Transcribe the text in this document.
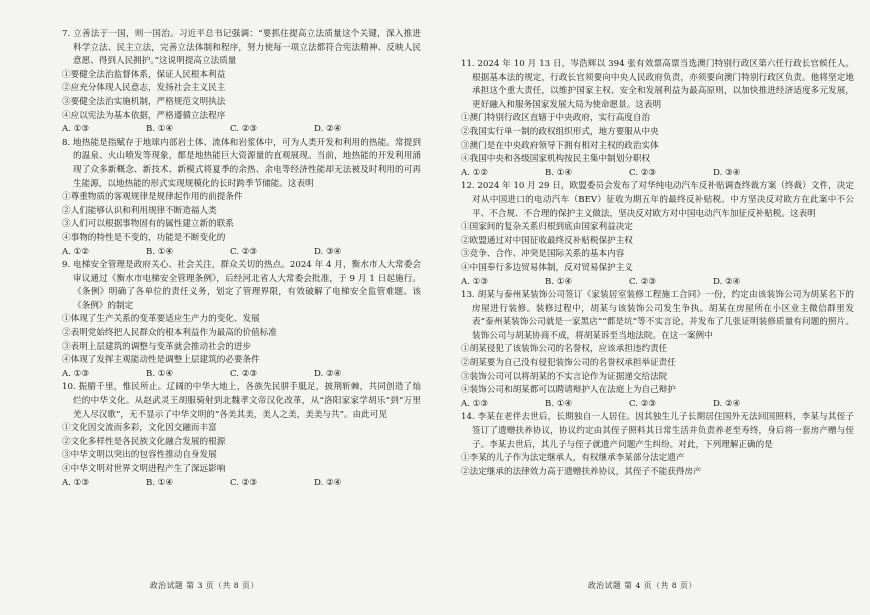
7. 立善法于一国，则一国治。习近平总书记强调：“要抓住提高立法质量这个关键，深入推进科学立法、民主立法，完善立法体制和程序，努力使每一项立法都符合宪法精神、反映人民意愿、得到人民拥护。”这说明提高立法质量

①要健全法治监督体系，保证人民根本利益

②应充分体现人民意志，发扬社会主义民主

③要健全法治实施机制，严格规范文明执法

④应以宪法为基本依据，严格遵循立法程序

A. ①③	B. ①④	C. ②③	D. ②④

8. 地热能是指赋存于地球内部岩土体、流体和岩浆体中，可为人类开发和利用的热能。常提到的温泉、火山喷发等现象，都是地热能巨大资源量的直观展现。当前，地热能的开发利用涌现了众多新概念、新技术、新模式将夏季的余热、余电等经济性能却无法被及时利用的可再生能源，以地热能的形式实现规模化的长时跨季节储能。这表明

①尊重物质的客观规律是规律起作用的前提条件

②人们能够认识和利用规律不断造福人类

③人们可以根据事物固有的属性建立新的联系

④事物的特性是不变的，功能是不断变化的

A. ①②	B. ①④	C. ②③	D. ③④

9. 电梯安全管理是政府关心、社会关注，群众关切的热点。2024 年 4 月，衡水市人大常委会审议通过《衡水市电梯安全管理条例》，后经河北省人大常委会批准，于 9 月 1 日起施行。《条例》明确了各单位的责任义务，划定了管理界限，有效破解了电梯安全监管难题。该《条例》的制定

①体现了生产关系的变革要适应生产力的变化、发展

②表明党始终把人民群众的根本利益作为最高的价值标准

③表明上层建筑的调整与变革就会推动社会的进步

④体现了发挥主观能动性是调整上层建筑的必要条件

A. ①③	B. ①④	C. ②③	D. ②④

10. 振腊千里，惟民所止。辽阔的中华大地上，各族先民胼手胝足，披荆斩棘，共同创造了灿烂的中华文化。从赵武灵王胡服骑射到北魏孝文帝汉化改革，从“洛阳家家学胡乐”到“万里羌人尽汉歌”，无不显示了中华文明的“各美其美，美人之美，美美与共”。由此可见

①文化因交流而多彩，文化因交融而丰富

②文化多样性是各民族文化融合发展的根源

③中华文明以突出的包容性推动自身发展

④中华文明对世界文明进程产生了深远影响

A. ①③	B. ①④	C. ②③	D. ②④

11. 2024 年 10 月 13 日，岑浩辉以 394 张有效票高票当选澳门特别行政区第六任行政长官候任人。根据基本法的规定，行政长官须要向中央人民政府负责，亦须要向澳门特别行政区负责。他将坚定地承担这个重大责任，以维护国家主权、安全和发展利益为最高原则，以加快推进经济适度多元发展，更好融入和服务国家发展大局为使命愿景。这表明

①澳门特别行政区直辖于中央政府，实行高度自治

②我国实行单一制的政权组织形式，地方要服从中央

③澳门是在中央政府领导下拥有相对主权的政治实体

④我国中央和各级国家机构按民主集中制划分职权

A. ①②	B. ①④	C. ②③	D. ③④

12. 2024 年 10 月 29 日，欧盟委员会发布了对华纯电动汽车反补贴调查终裁方案（终裁）文件，决定对从中国进口的电动汽车（BEV）征收为期五年的最终反补贴税。中方坚决反对欧方在此案中不公平、不合规、不合理的保护主义做法，坚决反对欧方对中国电动汽车加征反补贴税。这表明

①国家间的复杂关系归根到底由国家利益决定

②欧盟通过对中国征收最终反补贴税保护主权

③竞争、合作、冲突是国际关系的基本内容

④中国奉行多边贸易体制，反对贸易保护主义

A. ①③	B. ①④	C. ②③	D. ②④

13. 胡某与泰州某装饰公司签订《家装居室装修工程施工合同》一份，约定由该装饰公司为胡某名下的房屋进行装修。装修过程中，胡某与该装饰公司发生争执。胡某在房屋所在小区业主微信群里发表“泰州某装饰公司就是一家黑店”“都是坑”等不实言论，并发布了几张证明装修质量有问题的照片。装饰公司与胡某协商不成，将胡某诉至当地法院。在这一案例中

①胡某侵犯了该装饰公司的名誉权，应该承担违约责任

②胡某要为自己没有侵犯装饰公司的名誉权承担举证责任

③装饰公司可以将胡某的不实言论作为证据递交给法院

④装饰公司和胡某都可以聘请辩护人在法庭上为自己辩护

A. ①③	B. ①④	C. ②③	D. ②④

14. 李某在老伴去世后，长期独自一人居住。因其独生儿子长期居住国外无法回国照料，李某与其侄子签订了遗赠扶养协议，协议约定由其侄子照料其日常生活并负责养老至寿终，身后将一套房产赠与侄子。李某去世后，其儿子与侄子就遗产问题产生纠纷。对此，下列理解正确的是

①李某的儿子作为法定继承人，有权继承李某部分法定遗产

②法定继承的法律效力高于遗赠扶养协议，其侄子不能获得房产

政治试题 第 3 页（共 8 页）	政治试题 第 4 页（共 8 页）
